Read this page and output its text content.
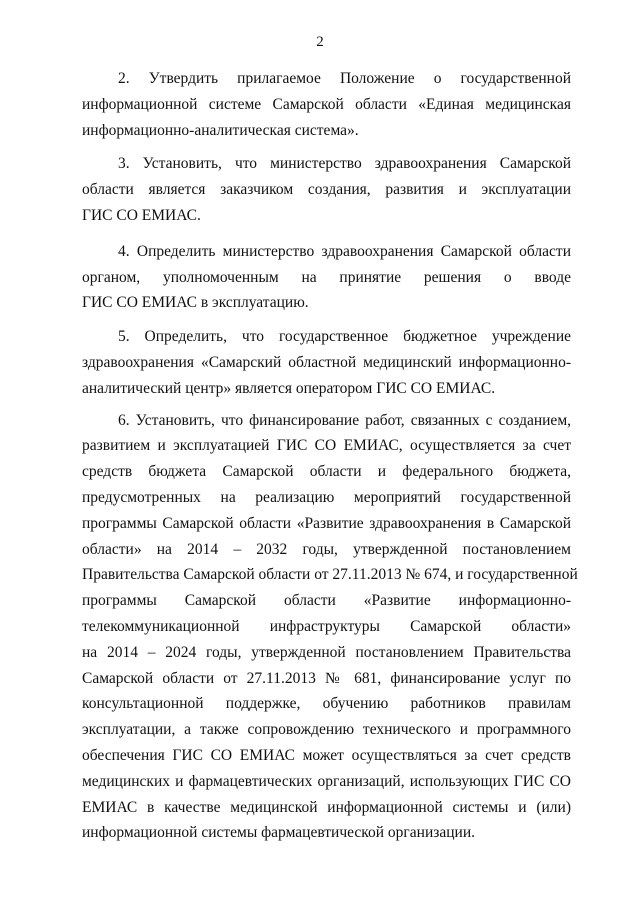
2
2. Утвердить прилагаемое Положение о государственной
информационной системе Самарской области «Единая медицинская
информационно-аналитическая система».
3. Установить, что министерство здравоохранения Самарской
области является заказчиком создания, развития и эксплуатации
ГИС СО ЕМИАС.
4. Определить министерство здравоохранения Самарской области
органом, уполномоченным на принятие решения о вводе
ГИС СО ЕМИАС в эксплуатацию.
5. Определить, что государственное бюджетное учреждение
здравоохранения «Самарский областной медицинский информационно-
аналитический центр» является оператором ГИС СО ЕМИАС.
6. Установить, что финансирование работ, связанных с созданием,
развитием и эксплуатацией ГИС СО ЕМИАС, осуществляется за счет
средств бюджета Самарской области и федерального бюджета,
предусмотренных на реализацию мероприятий государственной
программы Самарской области «Развитие здравоохранения в Самарской
области» на 2014 – 2032 годы, утвержденной постановлением
Правительства Самарской области от 27.11.2013 № 674, и государственной
программы Самарской области «Развитие информационно-
телекоммуникационной инфраструктуры Самарской области»
на 2014 – 2024 годы, утвержденной постановлением Правительства
Самарской области от 27.11.2013 № 681, финансирование услуг по
консультационной поддержке, обучению работников правилам
эксплуатации, а также сопровождению технического и программного
обеспечения ГИС СО ЕМИАС может осуществляться за счет средств
медицинских и фармацевтических организаций, использующих ГИС СО
ЕМИАС в качестве медицинской информационной системы и (или)
информационной системы фармацевтической организации.
